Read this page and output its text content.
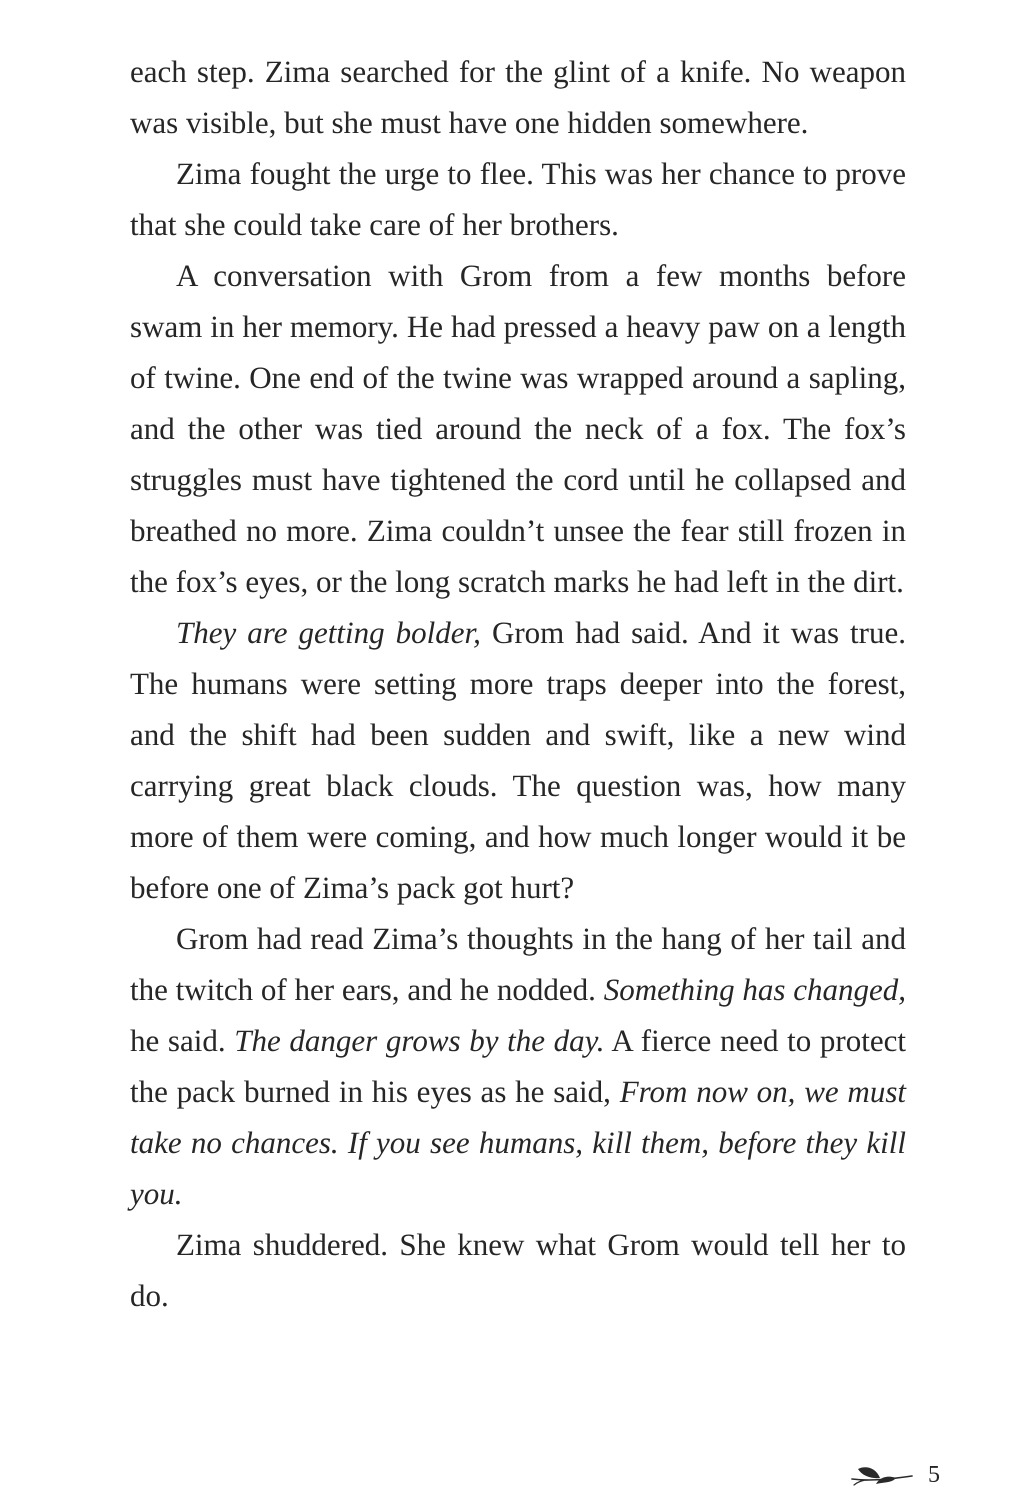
each step. Zima searched for the glint of a knife. No weapon was visible, but she must have one hidden somewhere.

Zima fought the urge to flee. This was her chance to prove that she could take care of her brothers.

A conversation with Grom from a few months before swam in her memory. He had pressed a heavy paw on a length of twine. One end of the twine was wrapped around a sapling, and the other was tied around the neck of a fox. The fox’s struggles must have tightened the cord until he collapsed and breathed no more. Zima couldn’t unsee the fear still frozen in the fox’s eyes, or the long scratch marks he had left in the dirt.

They are getting bolder, Grom had said. And it was true. The humans were setting more traps deeper into the forest, and the shift had been sudden and swift, like a new wind carrying great black clouds. The question was, how many more of them were coming, and how much longer would it be before one of Zima’s pack got hurt?

Grom had read Zima’s thoughts in the hang of her tail and the twitch of her ears, and he nodded. Something has changed, he said. The danger grows by the day. A fierce need to protect the pack burned in his eyes as he said, From now on, we must take no chances. If you see humans, kill them, before they kill you.

Zima shuddered. She knew what Grom would tell her to do.

5
